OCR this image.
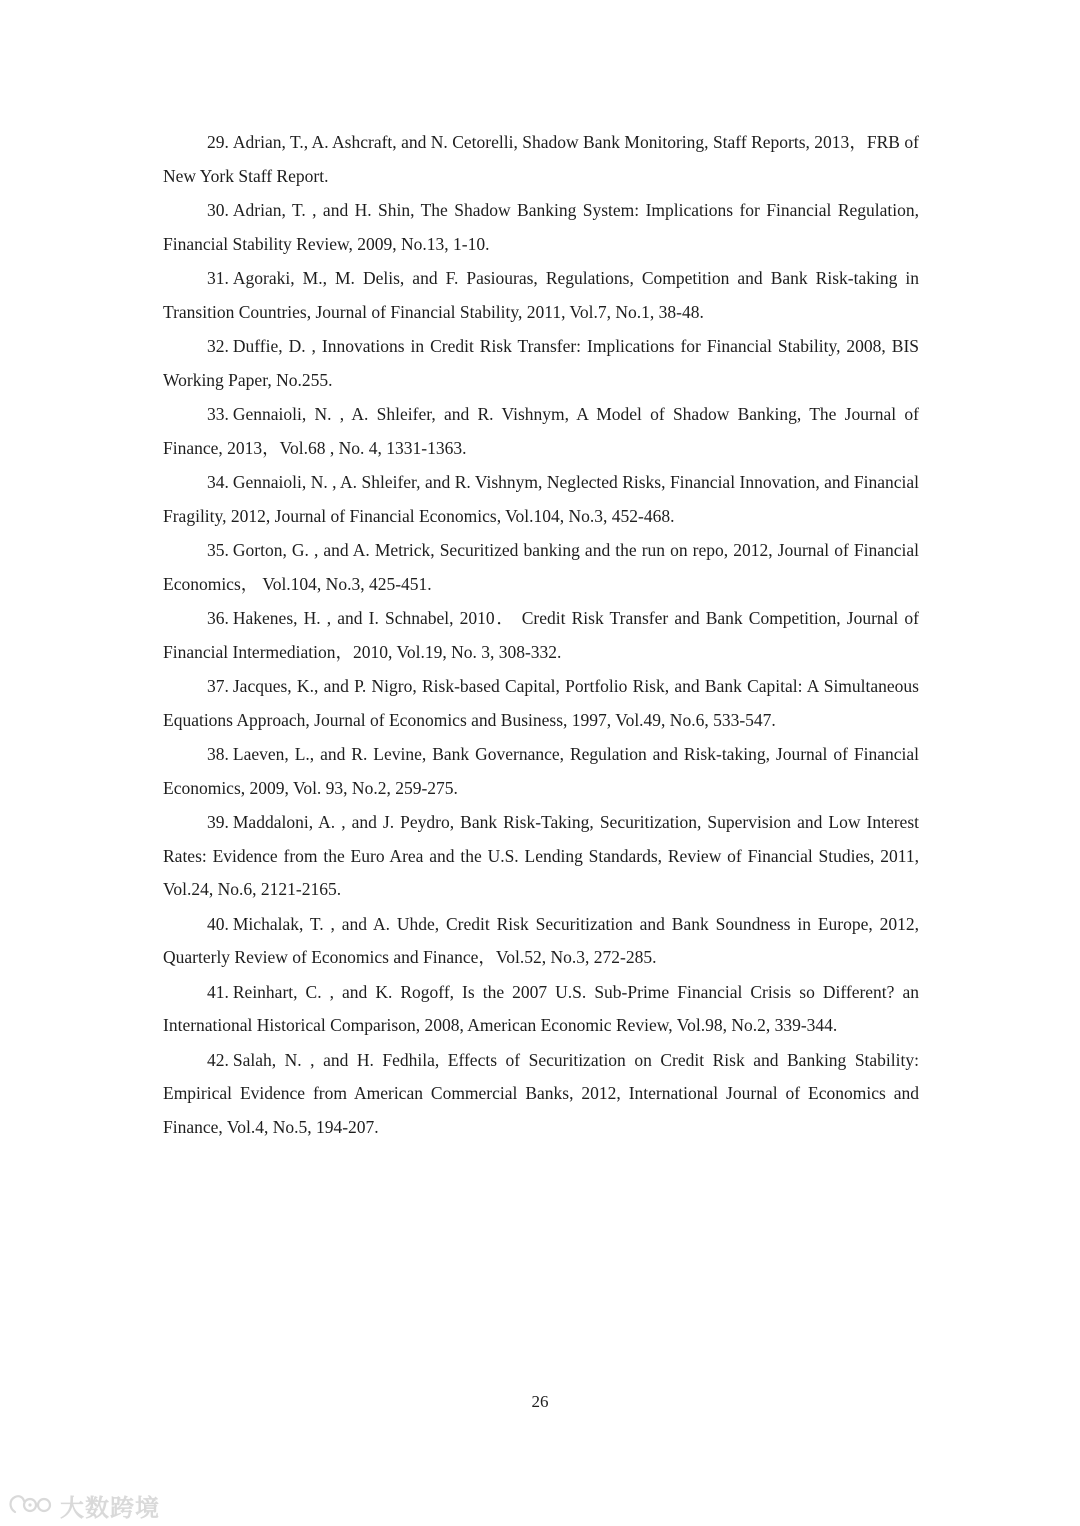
29. Adrian, T., A. Ashcraft, and N. Cetorelli, Shadow Bank Monitoring, Staff Reports, 2013，FRB of New York Staff Report.
30. Adrian, T. , and H. Shin, The Shadow Banking System: Implications for Financial Regulation, Financial Stability Review, 2009, No.13, 1-10.
31. Agoraki, M., M. Delis, and F. Pasiouras, Regulations, Competition and Bank Risk-taking in Transition Countries, Journal of Financial Stability, 2011, Vol.7, No.1, 38-48.
32. Duffie, D. , Innovations in Credit Risk Transfer: Implications for Financial Stability, 2008, BIS Working Paper, No.255.
33. Gennaioli, N. , A. Shleifer, and R. Vishnym, A Model of Shadow Banking, The Journal of Finance, 2013，Vol.68 , No. 4, 1331-1363.
34. Gennaioli, N. , A. Shleifer, and R. Vishnym, Neglected Risks, Financial Innovation, and Financial Fragility, 2012, Journal of Financial Economics, Vol.104, No.3, 452-468.
35. Gorton, G. , and A. Metrick, Securitized banking and the run on repo, 2012, Journal of Financial Economics， Vol.104, No.3, 425-451.
36. Hakenes, H. , and I. Schnabel, 2010． Credit Risk Transfer and Bank Competition, Journal of Financial Intermediation，2010, Vol.19, No. 3, 308-332.
37. Jacques, K., and P. Nigro, Risk-based Capital, Portfolio Risk, and Bank Capital: A Simultaneous Equations Approach, Journal of Economics and Business, 1997, Vol.49, No.6, 533-547.
38. Laeven, L., and R. Levine, Bank Governance, Regulation and Risk-taking, Journal of Financial Economics, 2009, Vol. 93, No.2, 259-275.
39. Maddaloni, A. , and J. Peydro, Bank Risk-Taking, Securitization, Supervision and Low Interest Rates: Evidence from the Euro Area and the U.S. Lending Standards, Review of Financial Studies, 2011, Vol.24, No.6, 2121-2165.
40. Michalak, T. , and A. Uhde, Credit Risk Securitization and Bank Soundness in Europe, 2012, Quarterly Review of Economics and Finance，Vol.52, No.3, 272-285.
41. Reinhart, C. , and K. Rogoff, Is the 2007 U.S. Sub-Prime Financial Crisis so Different? an International Historical Comparison, 2008, American Economic Review, Vol.98, No.2, 339-344.
42. Salah, N. , and H. Fedhila, Effects of Securitization on Credit Risk and Banking Stability: Empirical Evidence from American Commercial Banks, 2012, International Journal of Economics and Finance, Vol.4, No.5, 194-207.
26
大数跨境
